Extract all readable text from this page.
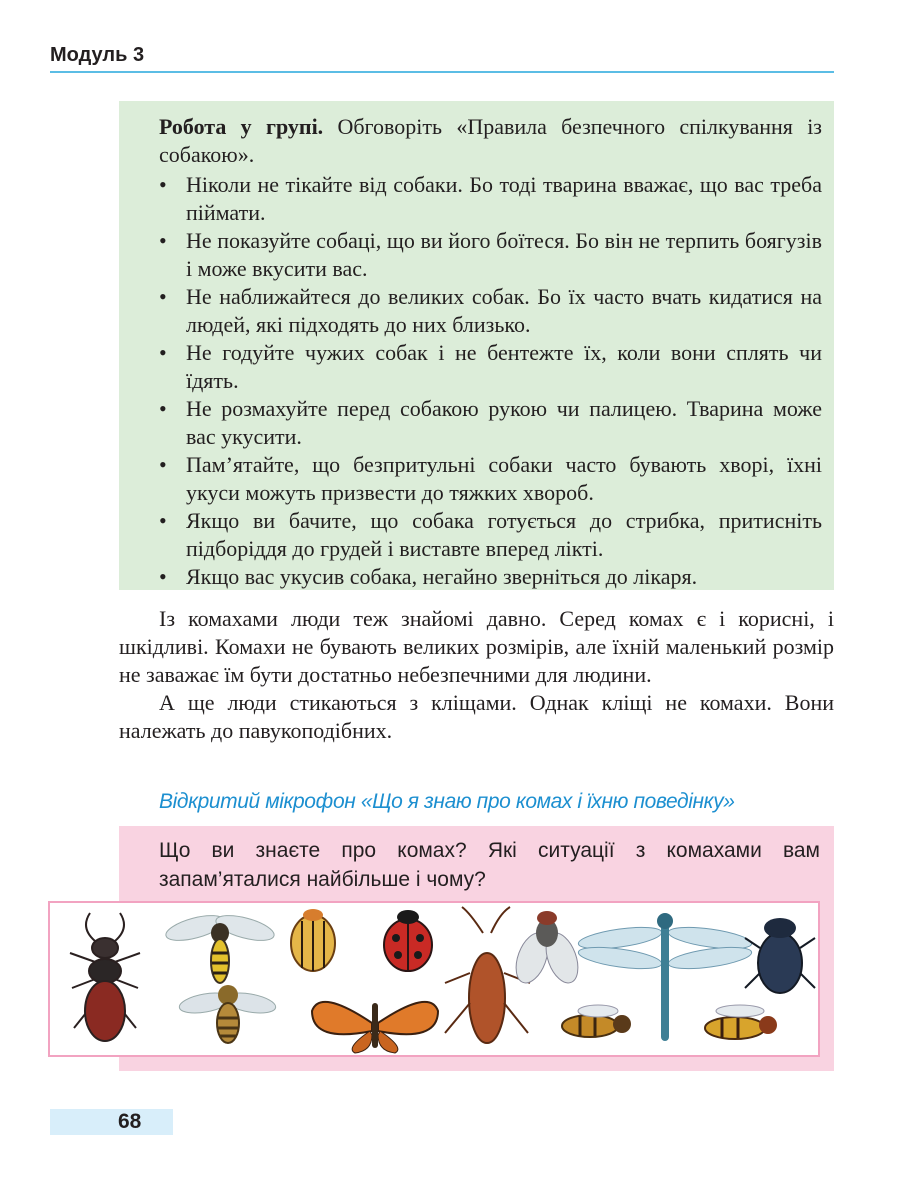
Модуль 3

Робота у групі. Обговоріть «Правила безпечного спілкування із собакою».

• Ніколи не тікайте від собаки. Бо тоді тварина вважає, що вас треба піймати.
• Не показуйте собаці, що ви його боїтеся. Бо він не терпить боягузів і може вкусити вас.
• Не наближайтеся до великих собак. Бо їх часто вчать кидатися на людей, які підходять до них близько.
• Не годуйте чужих собак і не бентежте їх, коли вони сплять чи їдять.
• Не розмахуйте перед собакою рукою чи палицею. Тварина може вас укусити.
• Пам’ятайте, що безпритульні собаки часто бувають хворі, їхні укуси можуть призвести до тяжких хвороб.
• Якщо ви бачите, що собака готується до стрибка, притисніть підборіддя до грудей і виставте вперед лікті.
• Якщо вас укусив собака, негайно зверніться до лікаря.

Із комахами люди теж знайомі давно. Серед комах є і корисні, і шкідливі. Комахи не бувають великих розмірів, але їхній маленький розмір не заважає їм бути достатньо небезпечними для людини.

А ще люди стикаються з кліщами. Однак кліщі не комахи. Вони належать до павукоподібних.

Відкритий мікрофон «Що я знаю про комах і їхню поведінку»

Що ви знаєте про комах? Які ситуації з комахами вам запам’яталися найбільше і чому?

68
